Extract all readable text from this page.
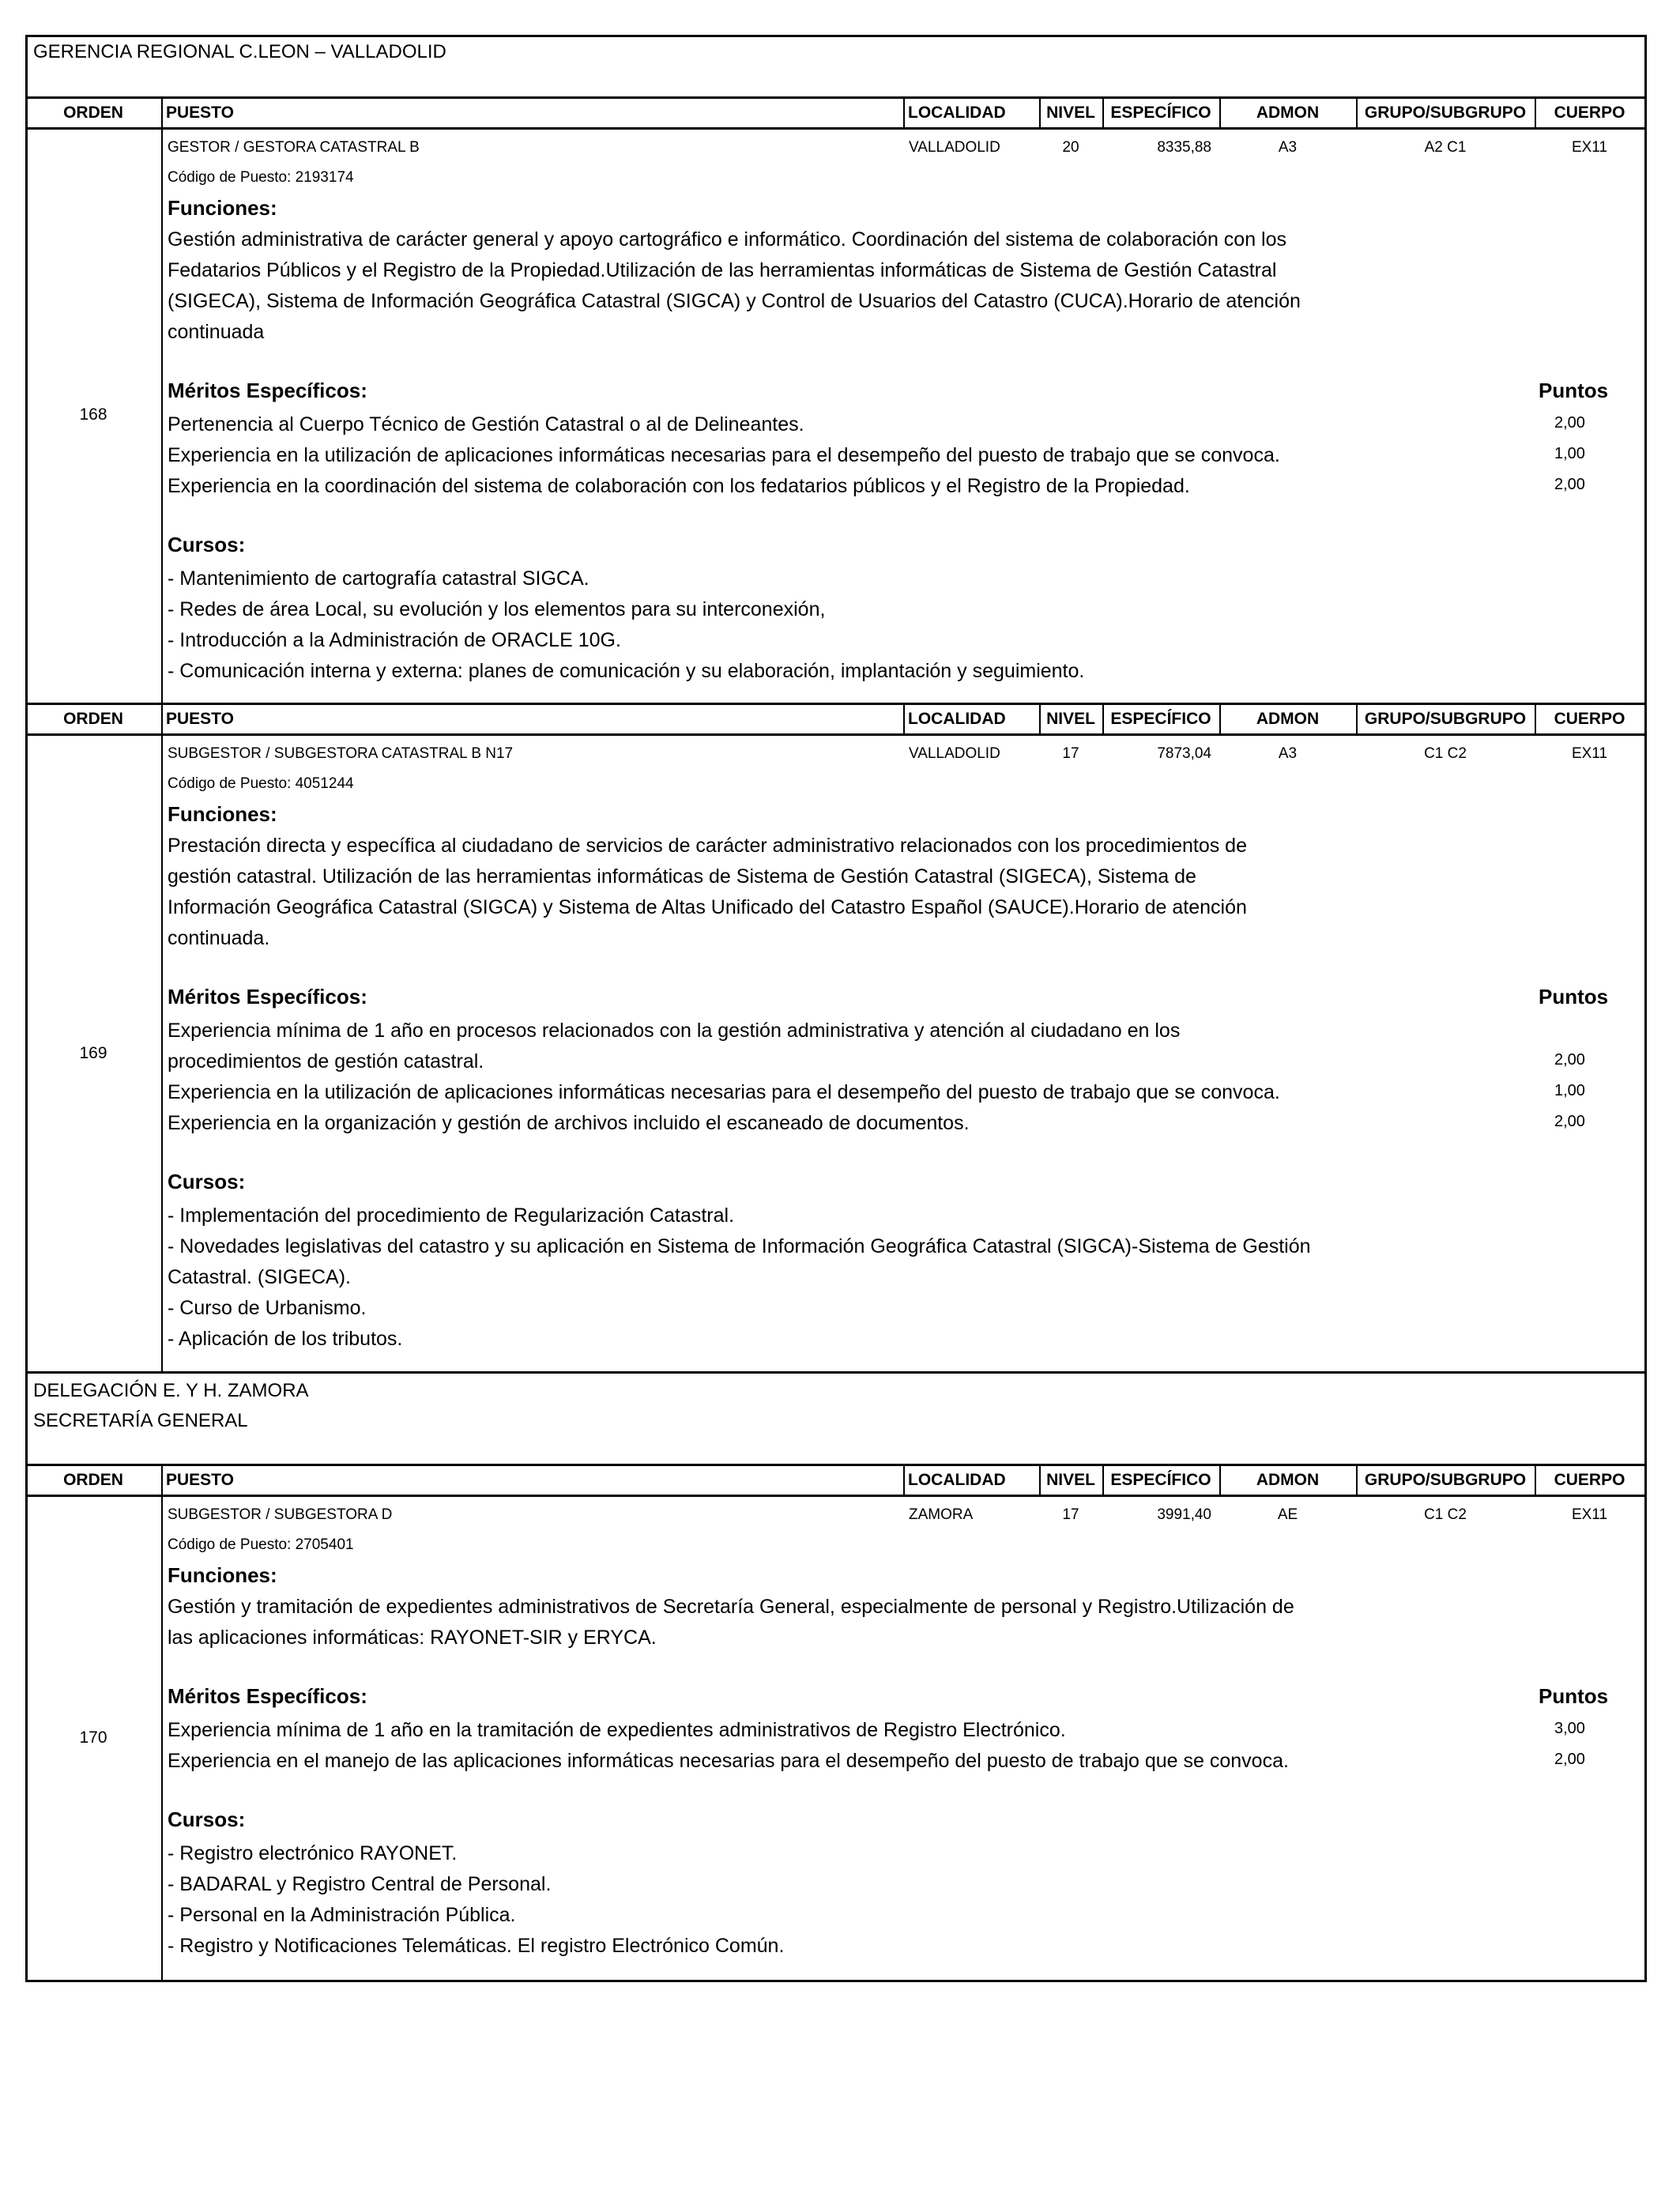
GERENCIA REGIONAL C.LEON – VALLADOLID
ORDEN	PUESTO	LOCALIDAD	NIVEL ESPECÍFICO	ADMON	GRUPO/SUBGRUPO	CUERPO
168
GESTOR / GESTORA CATASTRAL B	VALLADOLID	20	8335,88	A3	A2 C1	EX11
Código de Puesto: 2193174
Funciones:
Gestión administrativa de carácter general y apoyo cartográfico e informático. Coordinación del sistema de colaboración con los
Fedatarios Públicos y el Registro de la Propiedad.Utilización de las herramientas informáticas de Sistema de Gestión Catastral
(SIGECA), Sistema de Información Geográfica Catastral (SIGCA) y Control de Usuarios del Catastro (CUCA).Horario de atención
continuada
Méritos Específicos:	Puntos
Pertenencia al Cuerpo Técnico de Gestión Catastral o al de Delineantes.	2,00
Experiencia en la utilización de aplicaciones informáticas necesarias para el desempeño del puesto de trabajo que se convoca.	1,00
Experiencia en la coordinación del sistema de colaboración con los fedatarios públicos y el Registro de la Propiedad.	2,00
Cursos:
- Mantenimiento de cartografía catastral SIGCA.
- Redes de área Local, su evolución y los elementos para su interconexión,
- Introducción a la Administración de ORACLE 10G.
- Comunicación interna y externa: planes de comunicación y su elaboración, implantación y seguimiento.
ORDEN	PUESTO	LOCALIDAD	NIVEL ESPECÍFICO	ADMON	GRUPO/SUBGRUPO	CUERPO
169
SUBGESTOR / SUBGESTORA CATASTRAL B N17	VALLADOLID	17	7873,04	A3	C1 C2	EX11
Código de Puesto: 4051244
Funciones:
Prestación directa y específica al ciudadano de servicios de carácter administrativo relacionados con los procedimientos de
gestión catastral. Utilización de las herramientas informáticas de Sistema de Gestión Catastral (SIGECA), Sistema de
Información Geográfica Catastral (SIGCA) y Sistema de Altas Unificado del Catastro Español (SAUCE).Horario de atención
continuada.
Méritos Específicos:	Puntos
Experiencia mínima de 1 año en procesos relacionados con la gestión administrativa y atención al ciudadano en los
procedimientos de gestión catastral.	2,00
Experiencia en la utilización de aplicaciones informáticas necesarias para el desempeño del puesto de trabajo que se convoca.	1,00
Experiencia en la organización y gestión de archivos incluido el escaneado de documentos.	2,00
Cursos:
- Implementación del procedimiento de Regularización Catastral.
- Novedades legislativas del catastro y su aplicación en Sistema de Información Geográfica Catastral (SIGCA)-Sistema de Gestión
Catastral. (SIGECA).
- Curso de Urbanismo.
- Aplicación de los tributos.
DELEGACIÓN E. Y H. ZAMORA
SECRETARÍA GENERAL
ORDEN	PUESTO	LOCALIDAD	NIVEL ESPECÍFICO	ADMON	GRUPO/SUBGRUPO	CUERPO
170
SUBGESTOR / SUBGESTORA D	ZAMORA	17	3991,40	AE	C1 C2	EX11
Código de Puesto: 2705401
Funciones:
Gestión y tramitación de expedientes administrativos de Secretaría General, especialmente de personal y Registro.Utilización de
las aplicaciones informáticas: RAYONET-SIR y ERYCA.
Méritos Específicos:	Puntos
Experiencia mínima de 1 año en la tramitación de expedientes administrativos de Registro Electrónico.	3,00
Experiencia en el manejo de las aplicaciones informáticas necesarias para el desempeño del puesto de trabajo que se convoca.	2,00
Cursos:
- Registro electrónico RAYONET.
- BADARAL y Registro Central de Personal.
- Personal en la Administración Pública.
- Registro y Notificaciones Telemáticas. El registro Electrónico Común.
